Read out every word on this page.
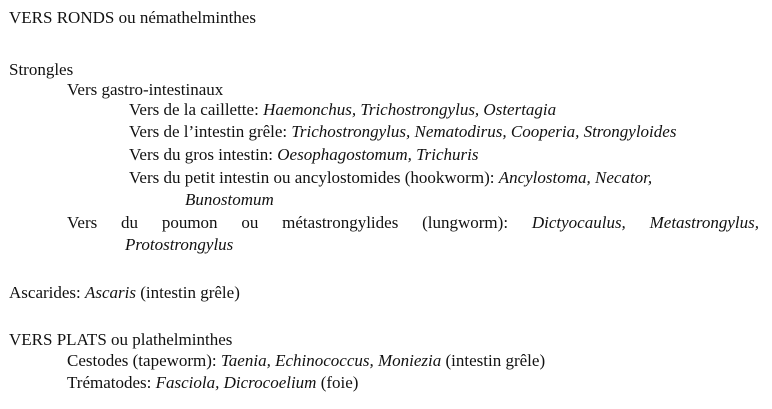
VERS RONDS ou némathelminthes
Strongles
Vers gastro-intestinaux
Vers de la caillette: Haemonchus, Trichostrongylus, Ostertagia
Vers de l’intestin grêle: Trichostrongylus, Nematodirus, Cooperia, Strongyloides
Vers du gros intestin: Oesophagostomum, Trichuris
Vers du petit intestin ou ancylostomides (hookworm): Ancylostoma, Necator,
Bunostomum
Vers du poumon ou métastrongylides (lungworm): Dictyocaulus, Metastrongylus,
Protostrongylus
Ascarides: Ascaris (intestin grêle)
VERS PLATS ou plathelminthes
Cestodes (tapeworm): Taenia, Echinococcus, Moniezia (intestin grêle)
Trématodes: Fasciola, Dicrocoelium (foie)
